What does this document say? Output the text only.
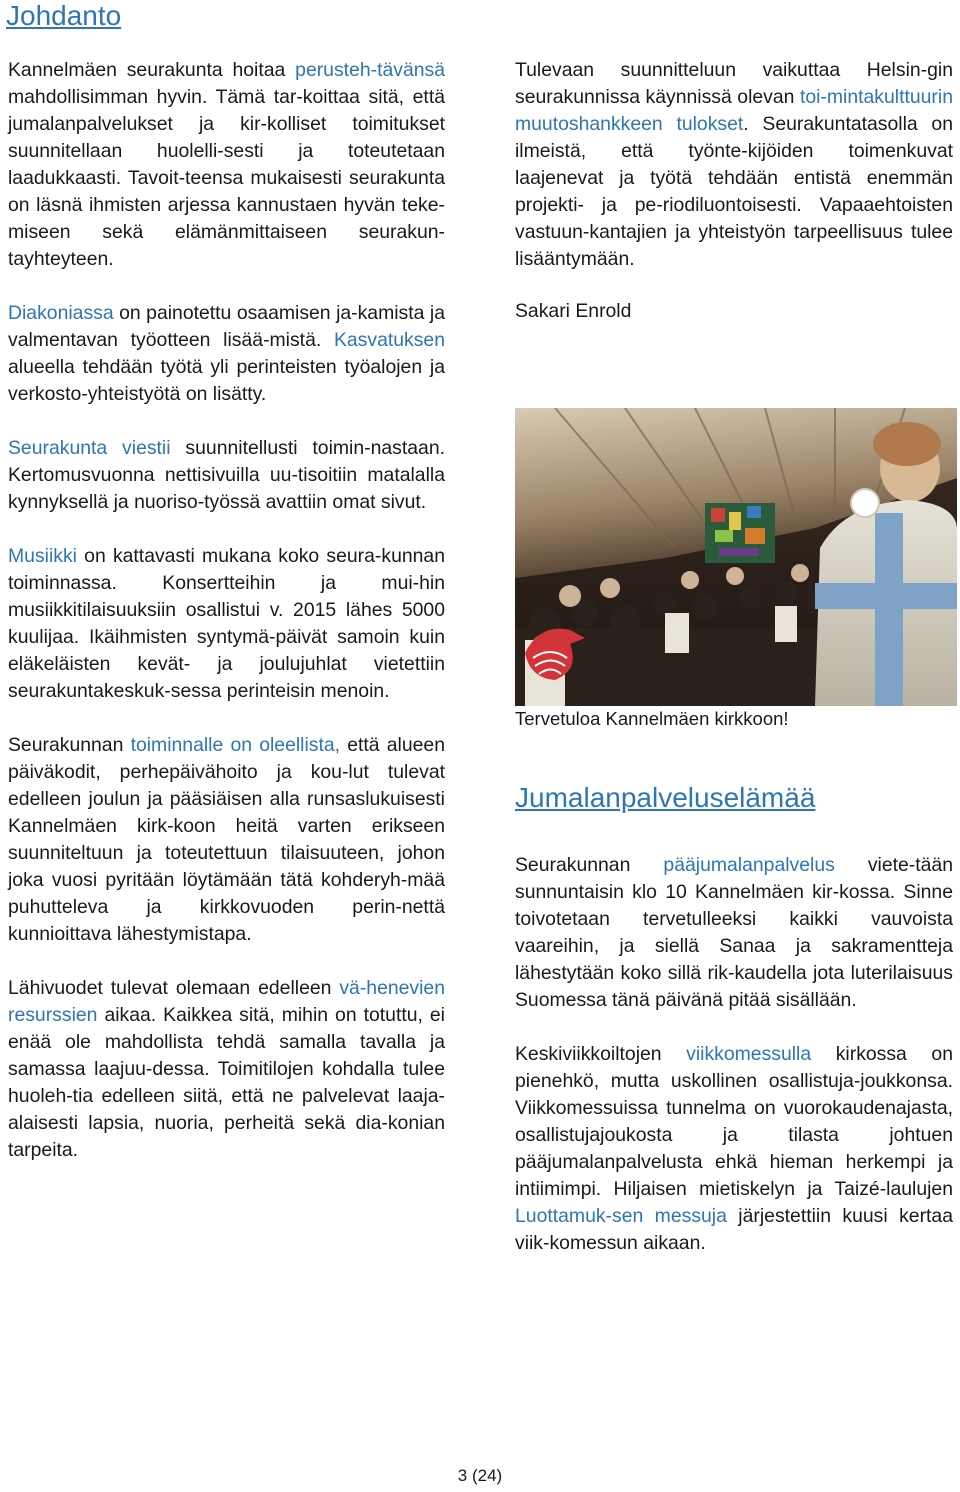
Johdanto

Kannelmäen seurakunta hoitaa perusteh-tävänsä mahdollisimman hyvin. Tämä tar-koittaa sitä, että jumalanpalvelukset ja kir-kolliset toimitukset suunnitellaan huolelli-sesti ja toteutetaan laadukkaasti. Tavoit-teensa mukaisesti seurakunta on läsnä ihmisten arjessa kannustaen hyvän teke-miseen sekä elämänmittaiseen seurakun-tayhteyteen.

Diakoniassa on painotettu osaamisen ja-kamista ja valmentavan työotteen lisää-mistä. Kasvatuksen alueella tehdään työtä yli perinteisten työalojen ja verkosto-yhteistyötä on lisätty.

Seurakunta viestii suunnitellusti toimin-nastaan. Kertomusvuonna nettisivuilla uu-tisoitiin matalalla kynnyksellä ja nuoriso-työssä avattiin omat sivut.

Musiikki on kattavasti mukana koko seura-kunnan toiminnassa. Konsertteihin ja mui-hin musiikkitilaisuuksiin osallistui v. 2015 lähes 5000 kuulijaa. Ikäihmisten syntymä-päivät samoin kuin eläkeläisten kevät- ja joulujuhlat vietettiin seurakuntakeskuk-sessa perinteisin menoin.

Seurakunnan toiminnalle on oleellista, että alueen päiväkodit, perhepäivähoito ja kou-lut tulevat edelleen joulun ja pääsiäisen alla runsaslukuisesti Kannelmäen kirk-koon heitä varten erikseen suunniteltuun ja toteutettuun tilaisuuteen, johon joka vuosi pyritään löytämään tätä kohderyh-mää puhutteleva ja kirkkovuoden perin-nettä kunnioittava lähestymistapa.

Lähivuodet tulevat olemaan edelleen vä-henevien resurssien aikaa. Kaikkea sitä, mihin on totuttu, ei enää ole mahdollista tehdä samalla tavalla ja samassa laajuu-dessa. Toimitilojen kohdalla tulee huoleh-tia edelleen siitä, että ne palvelevat laaja-alaisesti lapsia, nuoria, perheitä sekä dia-konian tarpeita.

Tulevaan suunnitteluun vaikuttaa Helsin-gin seurakunnissa käynnissä olevan toi-mintakulttuurin muutoshankkeen tulokset. Seurakuntatasolla on ilmeistä, että työnte-kijöiden toimenkuvat laajenevat ja työtä tehdään entistä enemmän projekti- ja pe-riodiluontoisesti. Vapaaehtoisten vastuun-kantajien ja yhteistyön tarpeellisuus tulee lisääntymään.

Sakari Enrold

Tervetuloa Kannelmäen kirkkoon!

Jumalanpalveluselämää

Seurakunnan pääjumalanpalvelus viete-tään sunnuntaisin klo 10 Kannelmäen kir-kossa. Sinne toivotetaan tervetulleeksi kaikki vauvoista vaareihin, ja siellä Sanaa ja sakramentteja lähestytään koko sillä rik-kaudella jota luterilaisuus Suomessa tänä päivänä pitää sisällään.

Keskiviikkoiltojen viikkomessulla kirkossa on pienehkö, mutta uskollinen osallistuja-joukkonsa. Viikkomessuissa tunnelma on vuorokaudenajasta, osallistujajoukosta ja tilasta johtuen pääjumalanpalvelusta ehkä hieman herkempi ja intiimimpi. Hiljaisen mietiskelyn ja Taizé-laulujen Luottamuk-sen messuja järjestettiin kuusi kertaa viik-komessun aikaan.

3 (24)
